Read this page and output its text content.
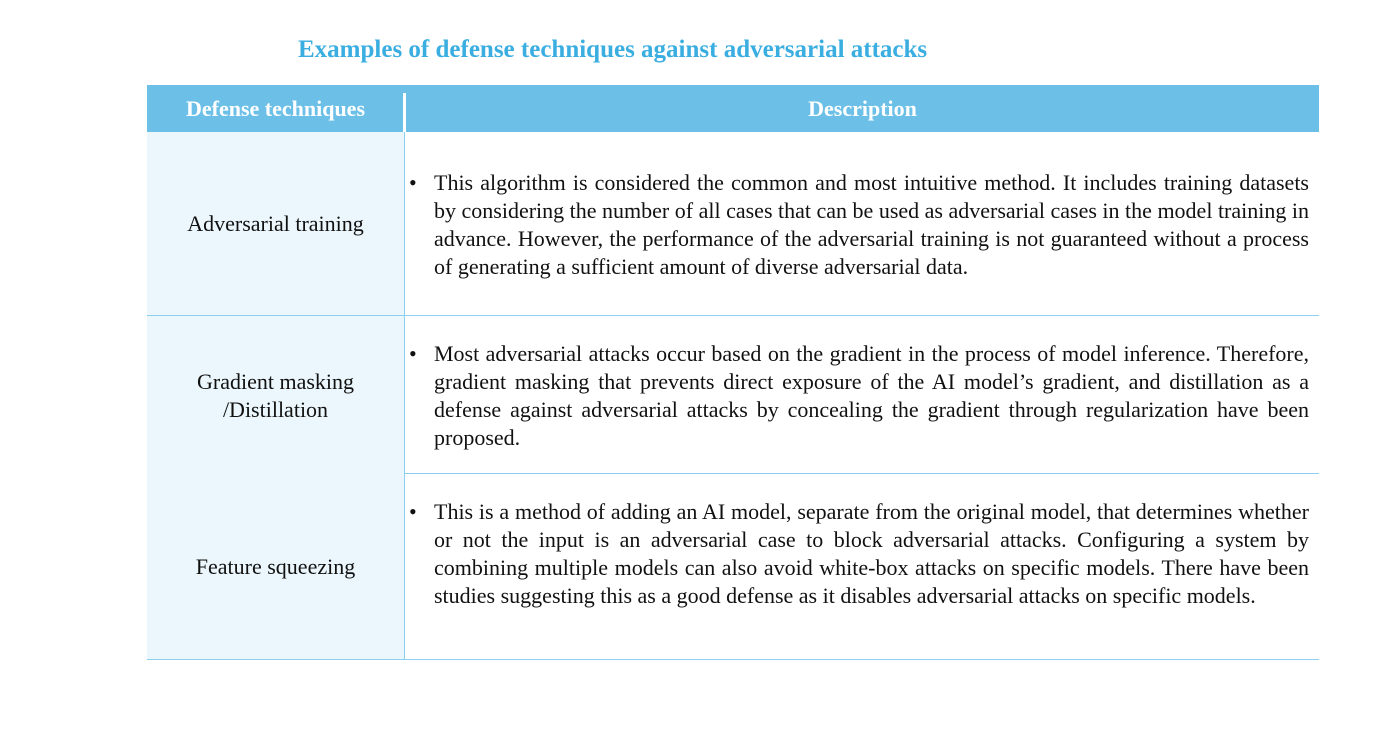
Examples of defense techniques against adversarial attacks
Defense techniques	Description
Adversarial training
• This algorithm is considered the common and most intuitive method. It includes training datasets by considering the number of all cases that can be used as adversarial cases in the model training in advance. However, the performance of the adversarial training is not guaranteed without a process of generating a sufficient amount of diverse adversarial data.
Gradient masking
/Distillation
• Most adversarial attacks occur based on the gradient in the process of model inference. Therefore, gradient masking that prevents direct exposure of the AI model’s gradient, and distillation as a defense against adversarial attacks by concealing the gradient through regularization have been proposed.
Feature squeezing
• This is a method of adding an AI model, separate from the original model, that determines whether or not the input is an adversarial case to block adversarial attacks. Configuring a system by combining multiple models can also avoid white-box attacks on specific models. There have been studies suggesting this as a good defense as it disables adversarial attacks on specific models.
